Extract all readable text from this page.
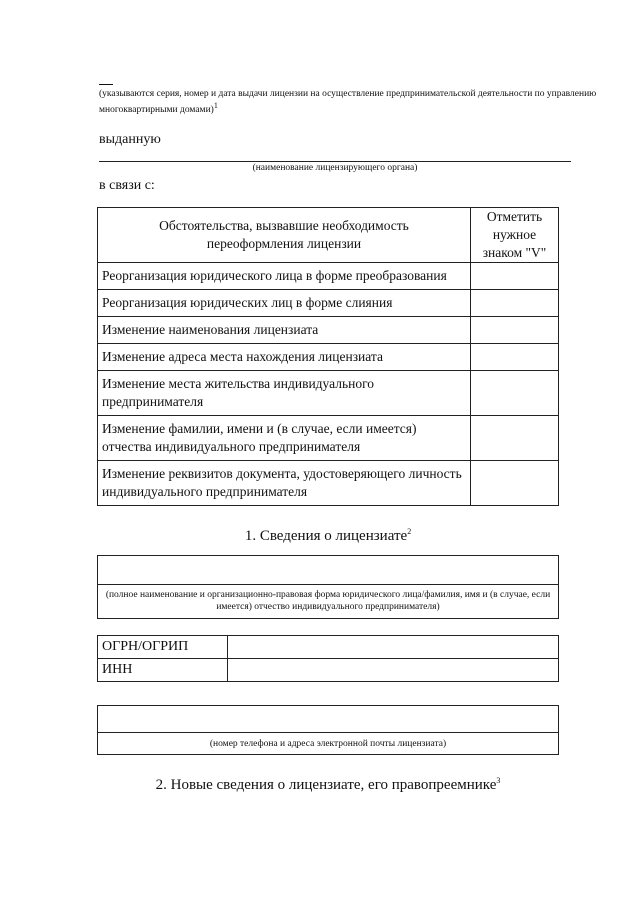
(указываются серия, номер и дата выдачи лицензии на осуществление предпринимательской деятельности по управлению многоквартирными домами)$^1$
выданную
(наименование лицензирующего органа)
в связи с:
Обстоятельства, вызвавшие необходимость переоформления лицензии	Отметить нужное знаком "V"
Реорганизация юридического лица в форме преобразования	
Реорганизация юридических лиц в форме слияния	
Изменение наименования лицензиата	
Изменение адреса места нахождения лицензиата	
Изменение места жительства индивидуального предпринимателя	
Изменение фамилии, имени и (в случае, если имеется) отчества индивидуального предпринимателя	
Изменение реквизитов документа, удостоверяющего личность индивидуального предпринимателя	
1. Сведения о лицензиате$^2$
(полное наименование и организационно-правовая форма юридического лица/фамилия, имя и (в случае, если имеется) отчество индивидуального предпринимателя)
ОГРН/ОГРИП	
ИНН	
(номер телефона и адреса электронной почты лицензиата)
2. Новые сведения о лицензиате, его правопреемнике$^3$
